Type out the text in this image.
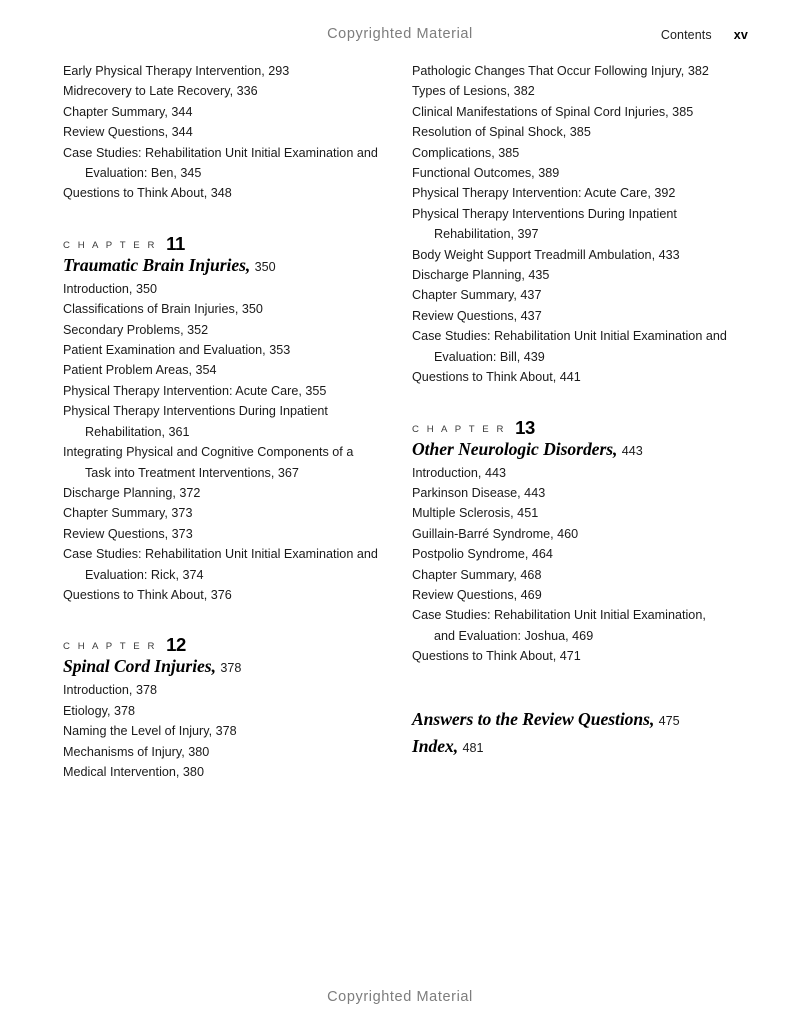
Copyrighted Material	Contents xv

Early Physical Therapy Intervention, 293

Midrecovery to Late Recovery, 336

Chapter Summary, 344

Review Questions, 344

Case Studies: Rehabilitation Unit Initial Examination and Evaluation: Ben, 345

Questions to Think About, 348

C H A P T E R 11
Traumatic Brain Injuries, 350

Introduction, 350

Classifications of Brain Injuries, 350

Secondary Problems, 352

Patient Examination and Evaluation, 353

Patient Problem Areas, 354

Physical Therapy Intervention: Acute Care, 355

Physical Therapy Interventions During Inpatient Rehabilitation, 361

Integrating Physical and Cognitive Components of a Task into Treatment Interventions, 367

Discharge Planning, 372

Chapter Summary, 373

Review Questions, 373

Case Studies: Rehabilitation Unit Initial Examination and Evaluation: Rick, 374

Questions to Think About, 376

C H A P T E R 12
Spinal Cord Injuries, 378

Introduction, 378

Etiology, 378

Naming the Level of Injury, 378

Mechanisms of Injury, 380

Medical Intervention, 380

Pathologic Changes That Occur Following Injury, 382

Types of Lesions, 382

Clinical Manifestations of Spinal Cord Injuries, 385

Resolution of Spinal Shock, 385

Complications, 385

Functional Outcomes, 389

Physical Therapy Intervention: Acute Care, 392

Physical Therapy Interventions During Inpatient Rehabilitation, 397

Body Weight Support Treadmill Ambulation, 433

Discharge Planning, 435

Chapter Summary, 437

Review Questions, 437

Case Studies: Rehabilitation Unit Initial Examination and Evaluation: Bill, 439

Questions to Think About, 441

C H A P T E R 13
Other Neurologic Disorders, 443

Introduction, 443

Parkinson Disease, 443

Multiple Sclerosis, 451

Guillain-Barré Syndrome, 460

Postpolio Syndrome, 464

Chapter Summary, 468

Review Questions, 469

Case Studies: Rehabilitation Unit Initial Examination, and Evaluation: Joshua, 469

Questions to Think About, 471

Answers to the Review Questions, 475
Index, 481
Copyrighted Material
